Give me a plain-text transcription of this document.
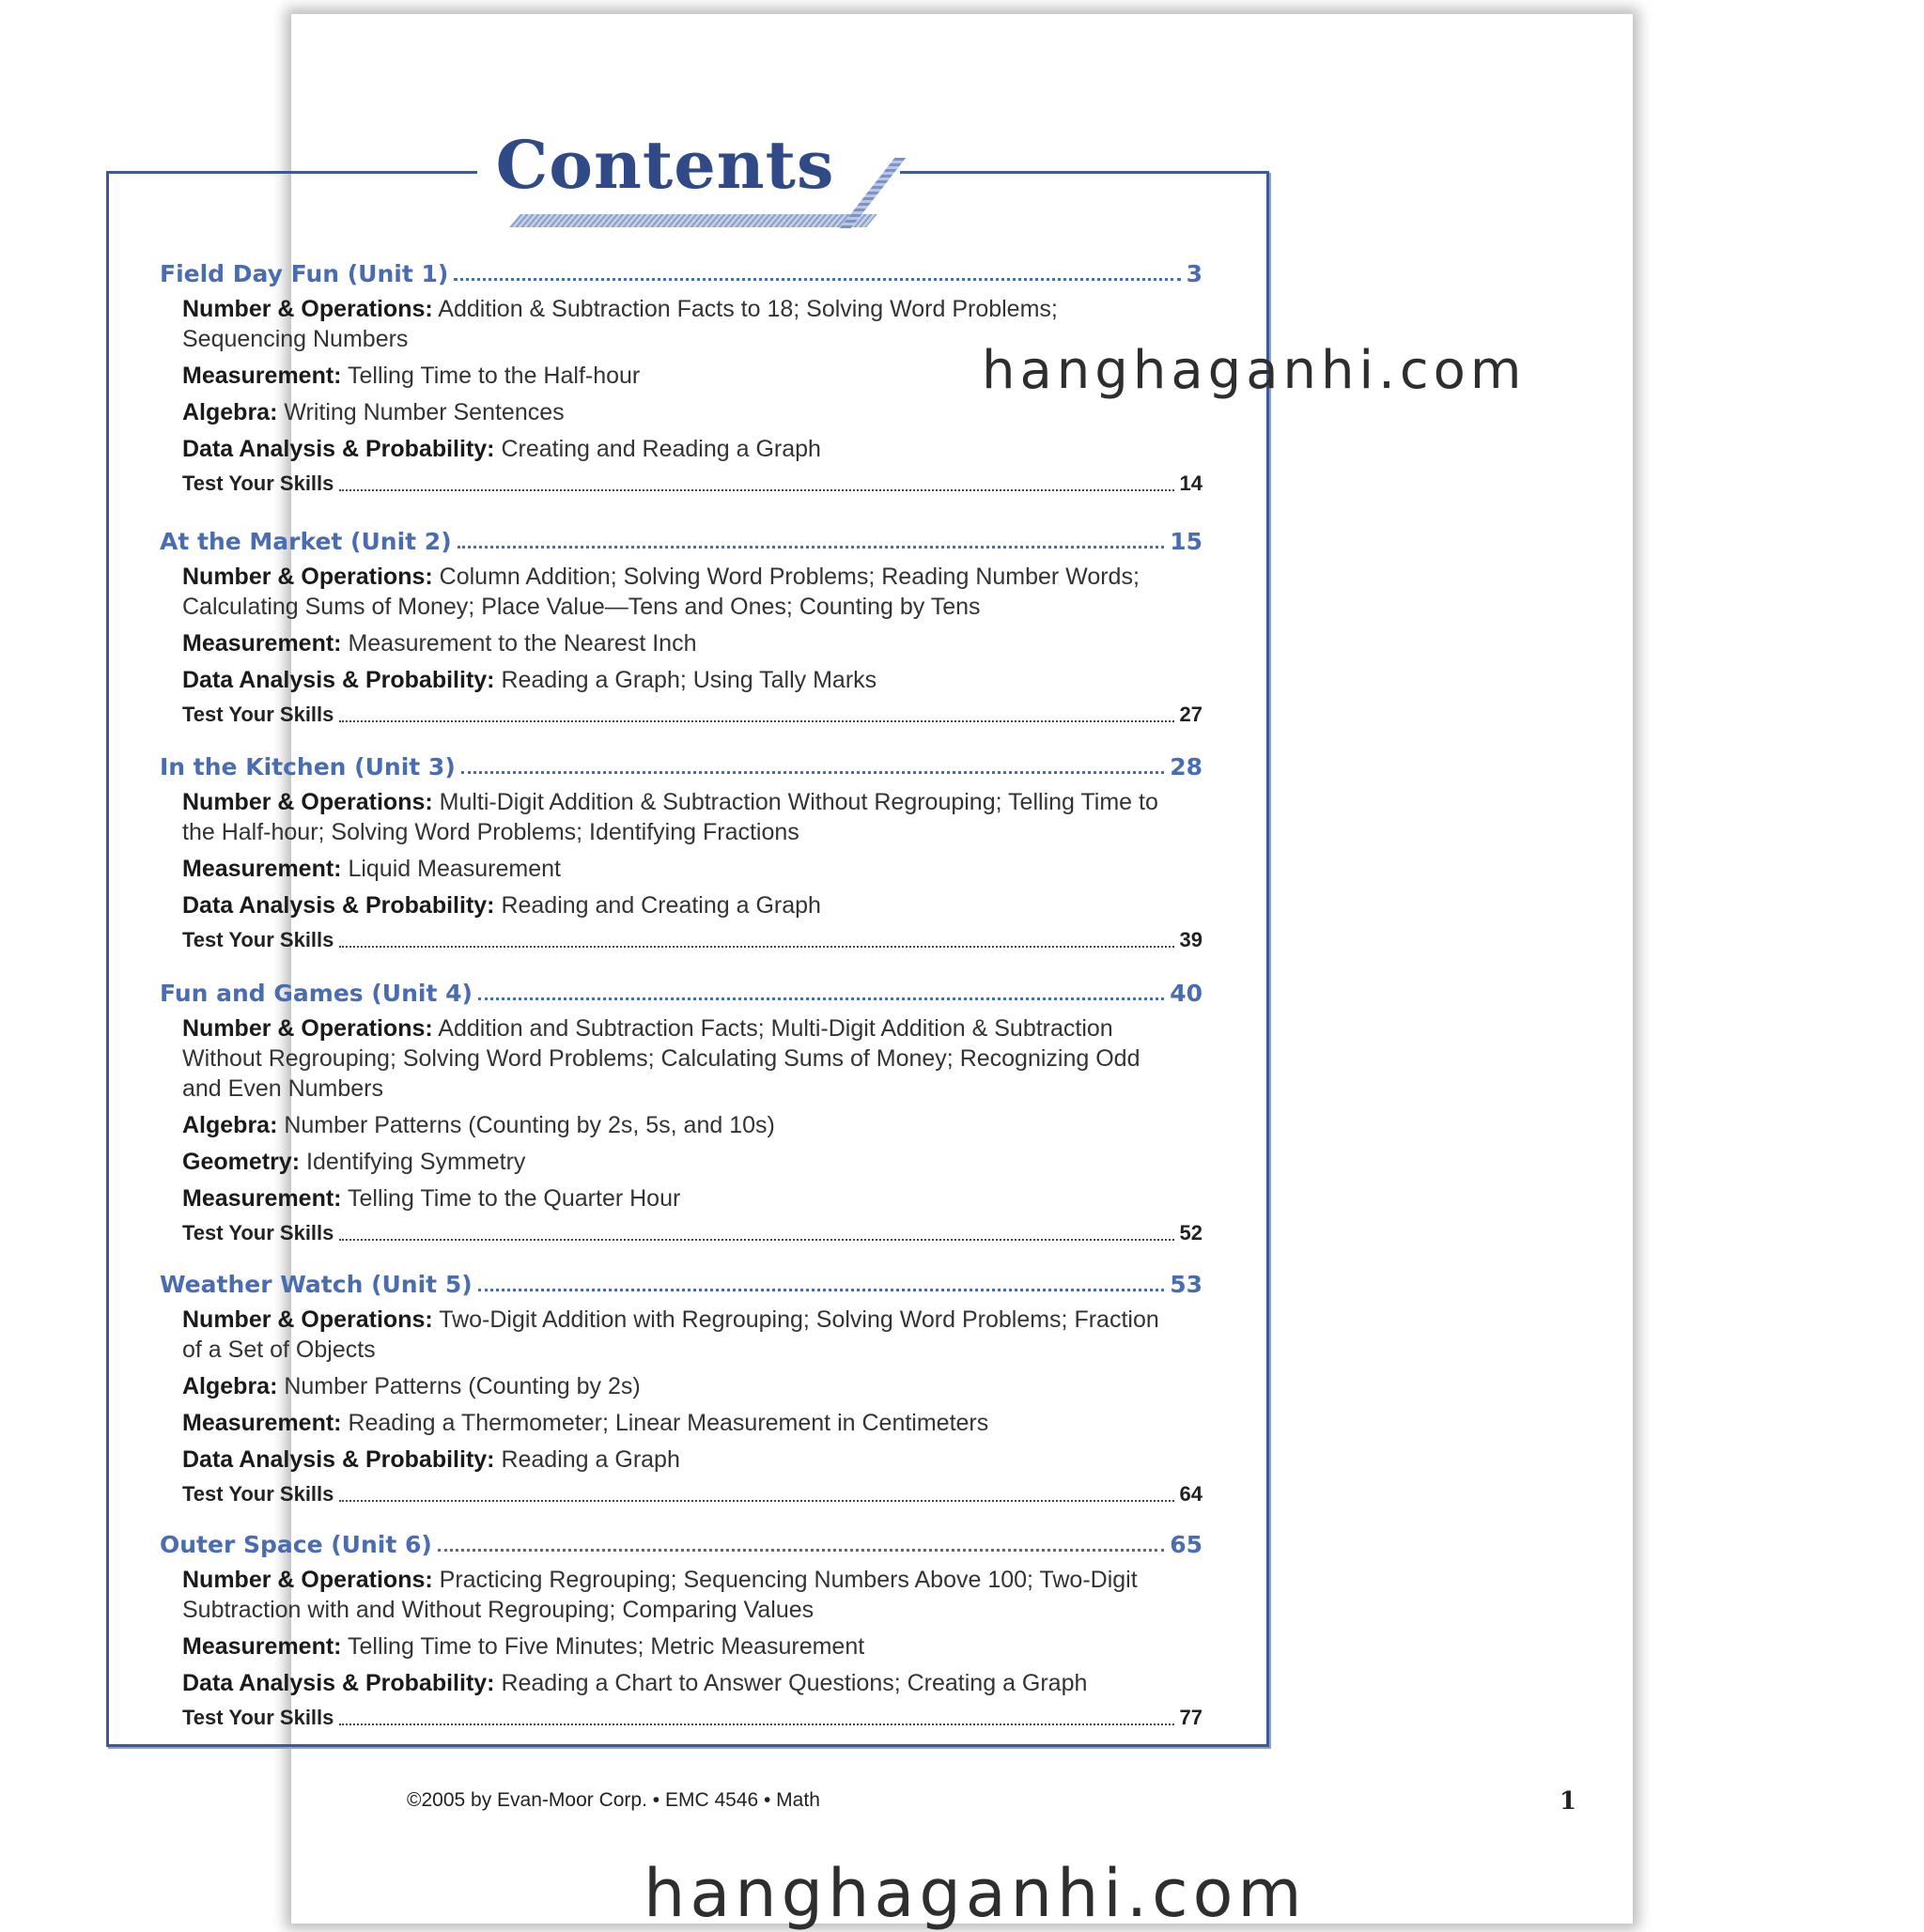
Contents
Field Day Fun (Unit 1)	3
Number & Operations: Addition & Subtraction Facts to 18; Solving Word Problems; Sequencing Numbers
Measurement: Telling Time to the Half-hour
Algebra: Writing Number Sentences
Data Analysis & Probability: Creating and Reading a Graph
Test Your Skills	14
At the Market (Unit 2)	15
Number & Operations: Column Addition; Solving Word Problems; Reading Number Words; Calculating Sums of Money; Place Value—Tens and Ones; Counting by Tens
Measurement: Measurement to the Nearest Inch
Data Analysis & Probability: Reading a Graph; Using Tally Marks
Test Your Skills	27
In the Kitchen (Unit 3)	28
Number & Operations: Multi-Digit Addition & Subtraction Without Regrouping; Telling Time to the Half-hour; Solving Word Problems; Identifying Fractions
Measurement: Liquid Measurement
Data Analysis & Probability: Reading and Creating a Graph
Test Your Skills	39
Fun and Games (Unit 4)	40
Number & Operations: Addition and Subtraction Facts; Multi-Digit Addition & Subtraction Without Regrouping; Solving Word Problems; Calculating Sums of Money; Recognizing Odd and Even Numbers
Algebra: Number Patterns (Counting by 2s, 5s, and 10s)
Geometry: Identifying Symmetry
Measurement: Telling Time to the Quarter Hour
Test Your Skills	52
Weather Watch (Unit 5)	53
Number & Operations: Two-Digit Addition with Regrouping; Solving Word Problems; Fraction of a Set of Objects
Algebra: Number Patterns (Counting by 2s)
Measurement: Reading a Thermometer; Linear Measurement in Centimeters
Data Analysis & Probability: Reading a Graph
Test Your Skills	64
Outer Space (Unit 6)	65
Number & Operations: Practicing Regrouping; Sequencing Numbers Above 100; Two-Digit Subtraction with and Without Regrouping; Comparing Values
Measurement: Telling Time to Five Minutes; Metric Measurement
Data Analysis & Probability: Reading a Chart to Answer Questions; Creating a Graph
Test Your Skills	77
©2005 by Evan-Moor Corp. • EMC 4546 • Math	1
hanghaganhi.com
hanghaganhi.com
